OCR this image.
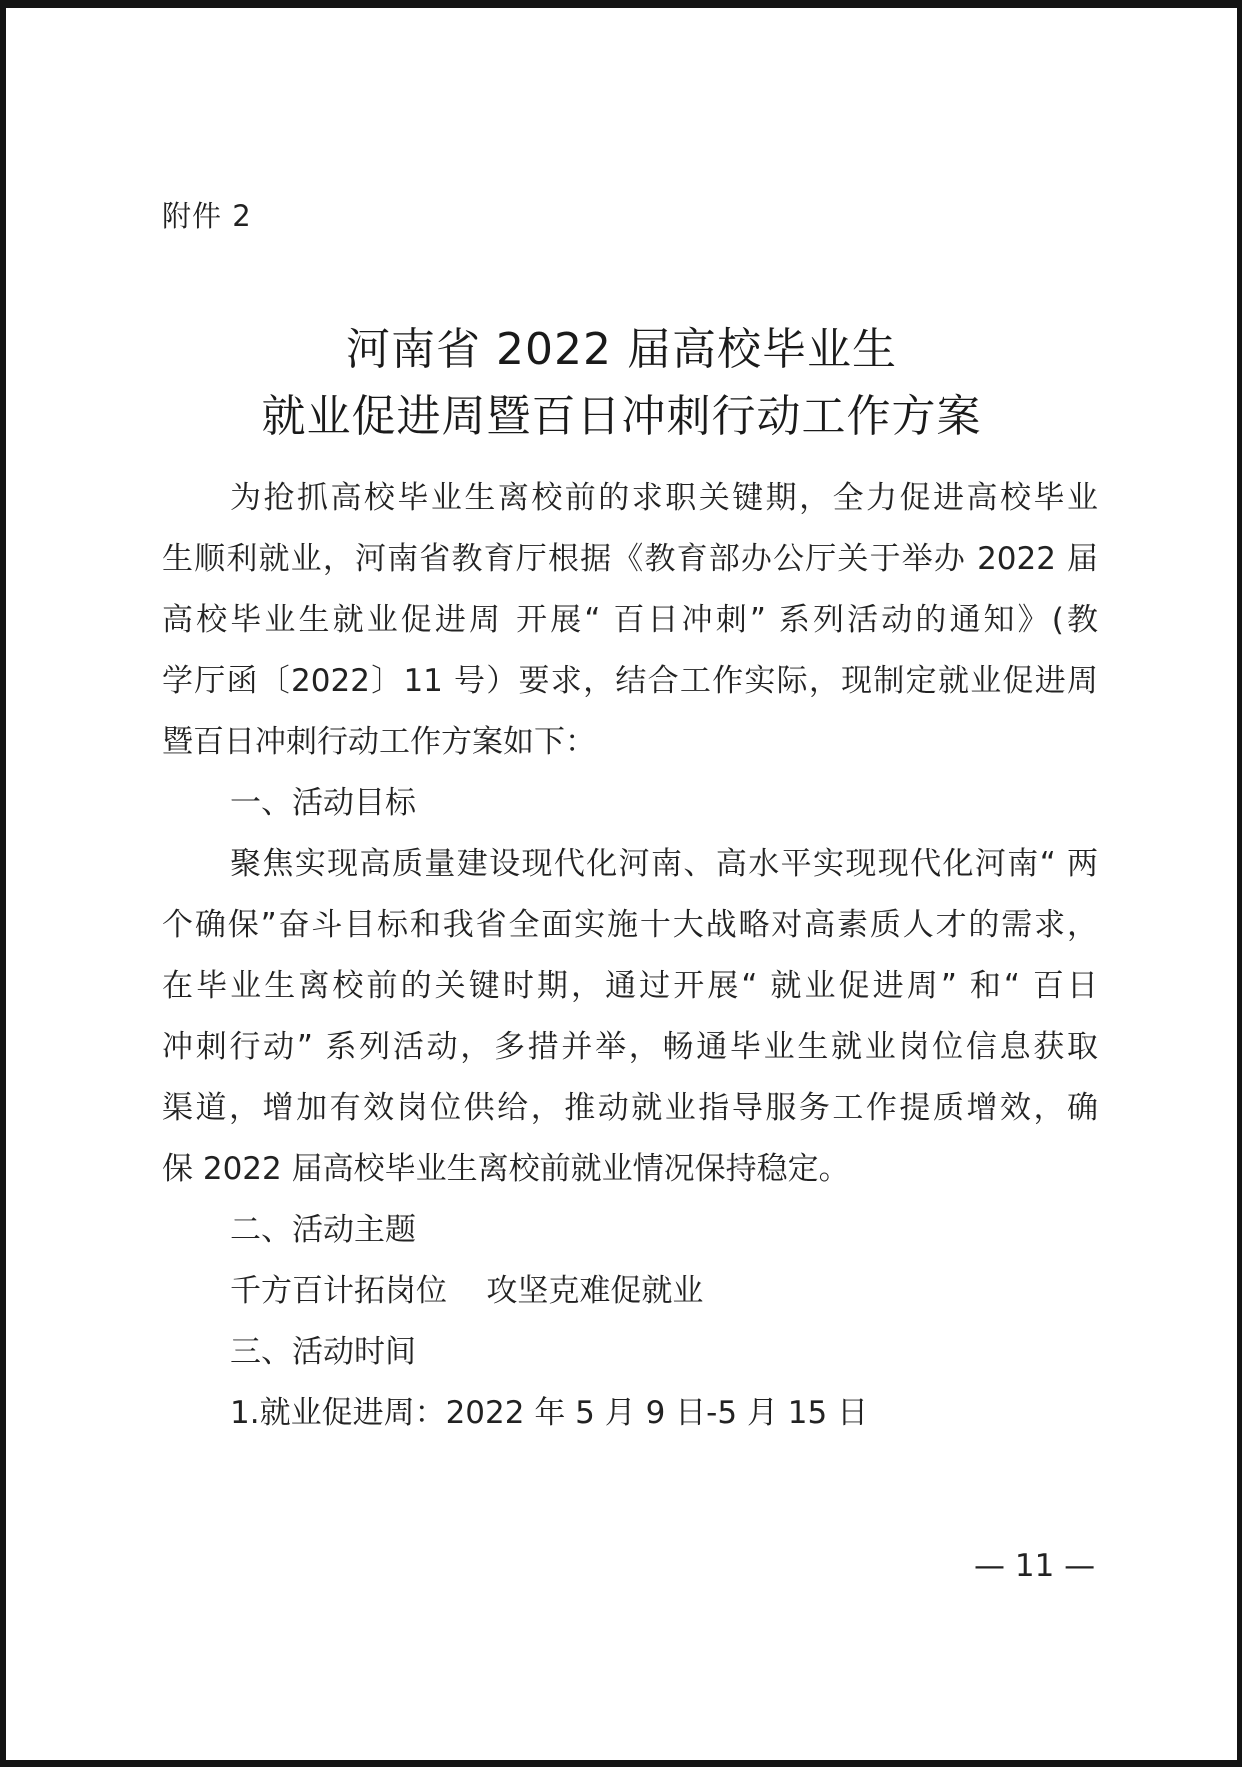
附件 2
河南省 2022 届高校毕业生
就业促进周暨百日冲刺行动工作方案
为抢抓高校毕业生离校前的求职关键期，全力促进高校毕业
生顺利就业，河南省教育厅根据《教育部办公厅关于举办 2022 届
高校毕业生就业促进周 开展“ 百日冲刺” 系列活动的通知》(教
学厅函〔2022〕11 号）要求，结合工作实际，现制定就业促进周
暨百日冲刺行动工作方案如下：
一、活动目标
聚焦实现高质量建设现代化河南、高水平实现现代化河南“ 两
个确保”奋斗目标和我省全面实施十大战略对高素质人才的需求，
在毕业生离校前的关键时期，通过开展“ 就业促进周” 和“ 百日
冲刺行动” 系列活动，多措并举，畅通毕业生就业岗位信息获取
渠道，增加有效岗位供给，推动就业指导服务工作提质增效，确
保 2022 届高校毕业生离校前就业情况保持稳定。
二、活动主题
千方百计拓岗位    攻坚克难促就业
三、活动时间
1.就业促进周：2022 年 5 月 9 日-5 月 15 日
— 11 —
